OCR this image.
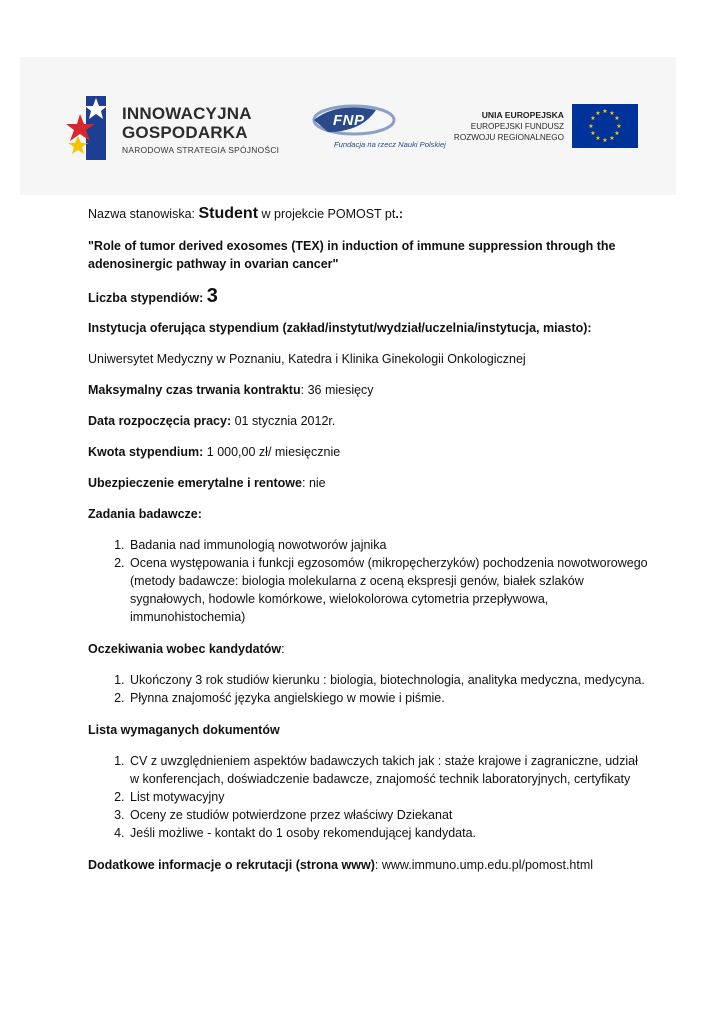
INNOWACYJNA
GOSPODARKA
NARODOWA STRATEGIA SPÓJNOŚCI
FNP
Fundacja na rzecz Nauki Polskiej
UNIA EUROPEJSKA
EUROPEJSKI FUNDUSZ
ROZWOJU REGIONALNEGO
★ ★
★
★
★
★
★
★
★
★
★
★

Nazwa stanowiska: Student w projekcie POMOST pt.:

"Role of tumor derived exosomes (TEX) in induction of immune suppression through the adenosinergic pathway in ovarian cancer"

Liczba stypendiów: 3

Instytucja oferująca stypendium (zakład/instytut/wydział/uczelnia/instytucja, miasto):

Uniwersytet Medyczny w Poznaniu, Katedra i Klinika Ginekologii Onkologicznej

Maksymalny czas trwania kontraktu: 36 miesięcy

Data rozpoczęcia pracy: 01 stycznia 2012r.

Kwota stypendium: 1 000,00 zł/ miesięcznie

Ubezpieczenie emerytalne i rentowe: nie

Zadania badawcze:

1. Badania nad immunologią nowotworów jajnika
2. Ocena występowania i funkcji egzosomów (mikropęcherzyków) pochodzenia nowotworowego (metody badawcze: biologia molekularna z oceną ekspresji genów, białek szlaków sygnałowych, hodowle komórkowe, wielokolorowa cytometria przepływowa, immunohistochemia)

Oczekiwania wobec kandydatów:

1. Ukończony 3 rok studiów kierunku : biologia, biotechnologia, analityka medyczna, medycyna.
2. Płynna znajomość języka angielskiego w mowie i piśmie.

Lista wymaganych dokumentów

1. CV z uwzględnieniem aspektów badawczych takich jak : staże krajowe i zagraniczne, udział w konferencjach, doświadczenie badawcze, znajomość technik laboratoryjnych, certyfikaty
2. List motywacyjny
3. Oceny ze studiów potwierdzone przez właściwy Dziekanat
4. Jeśli możliwe - kontakt do 1 osoby rekomendującej kandydata.

Dodatkowe informacje o rekrutacji (strona www): www.immuno.ump.edu.pl/pomost.html
